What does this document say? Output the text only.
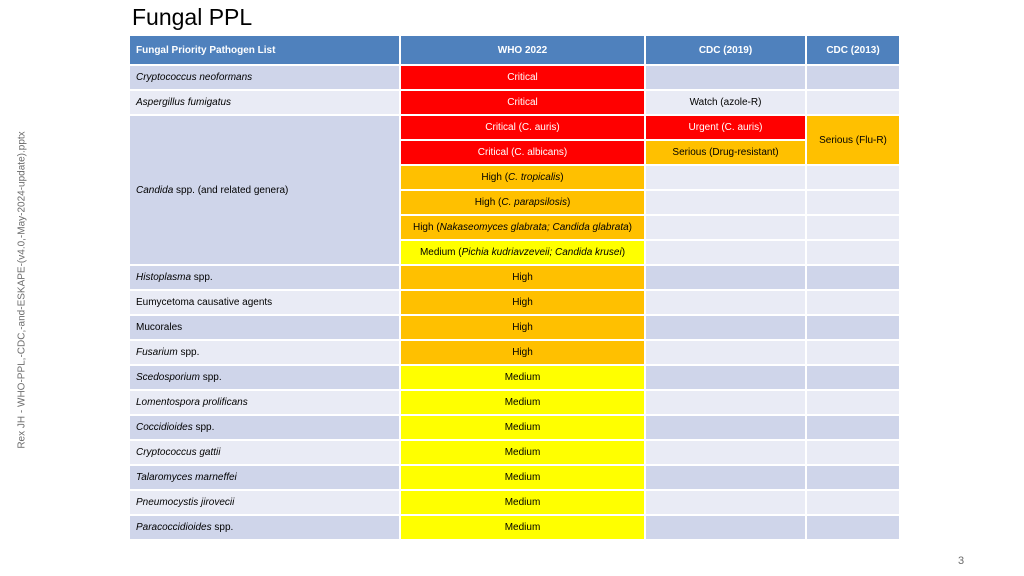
Fungal PPL
Rex JH - WHO-PPL,-CDC,-and-ESKAPE-(v4.0,-May-2024-update).pptx
3
Fungal Priority Pathogen List	WHO 2022	CDC (2019)	CDC (2013)
Cryptococcus neoformans	Critical		
Aspergillus fumigatus	Critical	Watch (azole-R)	
Candida spp. (and related genera)	Critical (C. auris)	Urgent (C. auris)	Serious (Flu-R)
	Critical (C. albicans)	Serious (Drug-resistant)	
	High (C. tropicalis)		
	High (C. parapsilosis)		
	High (Nakaseomyces glabrata; Candida glabrata)		
	Medium (Pichia kudriavzeveii; Candida krusei)		
Histoplasma spp.	High		
Eumycetoma causative agents	High		
Mucorales	High		
Fusarium spp.	High		
Scedosporium spp.	Medium		
Lomentospora prolificans	Medium		
Coccidioides spp.	Medium		
Cryptococcus gattii	Medium		
Talaromyces marneffei	Medium		
Pneumocystis jirovecii	Medium		
Paracoccidioides spp.	Medium		
